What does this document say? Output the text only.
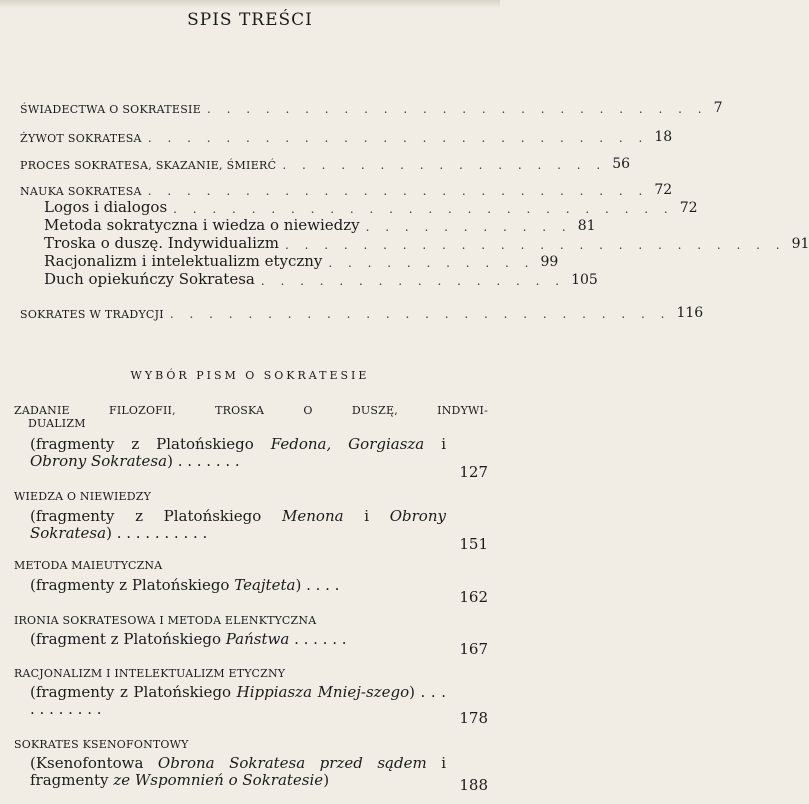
SPIS TREŚCI
ŚWIADECTWA O SOKRATESIE . . . . . . . . . . . . . . . . . . . . . . . . . . 7
ŻYWOT SOKRATESA . . . . . . . . . . . . . . . . . . . . . . . . . . 18
PROCES SOKRATESA, SKAZANIE, ŚMIERĆ . . . . . . . . . . . . . . . . . 56
NAUKA SOKRATESA . . . . . . . . . . . . . . . . . . . . . . . . . . 72
Logos i dialogos . . . . . . . . . . . . . . . . . . . . . . . . . . 72
Metoda sokratyczna i wiedza o niewiedzy . . . . . . . . . . . 81
Troska o duszę. Indywidualizm . . . . . . . . . . . . . . . . . . . . . . . . . . 91
Racjonalizm i intelektualizm etyczny . . . . . . . . . . . 99
Duch opiekuńczy Sokratesa . . . . . . . . . . . . . . . . 105
SOKRATES W TRADYCJI . . . . . . . . . . . . . . . . . . . . . . . . . . 116
WYBÓR PISM O SOKRATESIE
ZADANIE FILOZOFII, TROSKA O DUSZĘ, INDYWI-
DUALIZM
(fragmenty z Platońskiego Fedona, Gorgiasza i Obrony Sokratesa) . . . . . . .
127
WIEDZA O NIEWIEDZY
(fragmenty z Platońskiego Menona i Obrony Sokratesa) . . . . . . . . . .
151
METODA MAIEUTYCZNA
(fragmenty z Platońskiego Teajteta) . . . .
162
IRONIA SOKRATESOWA I METODA ELENKTYCZNA
(fragment z Platońskiego Państwa . . . . . .
167
RACJONALIZM I INTELEKTUALIZM ETYCZNY
(fragmenty z Platońskiego Hippiasza Mniej-szego) . . . . . . . . . . .	178
SOKRATES KSENOFONTOWY
(Ksenofontowa Obrona Sokratesa przed sądem i fragmenty ze Wspomnień o Sokratesie)	188
